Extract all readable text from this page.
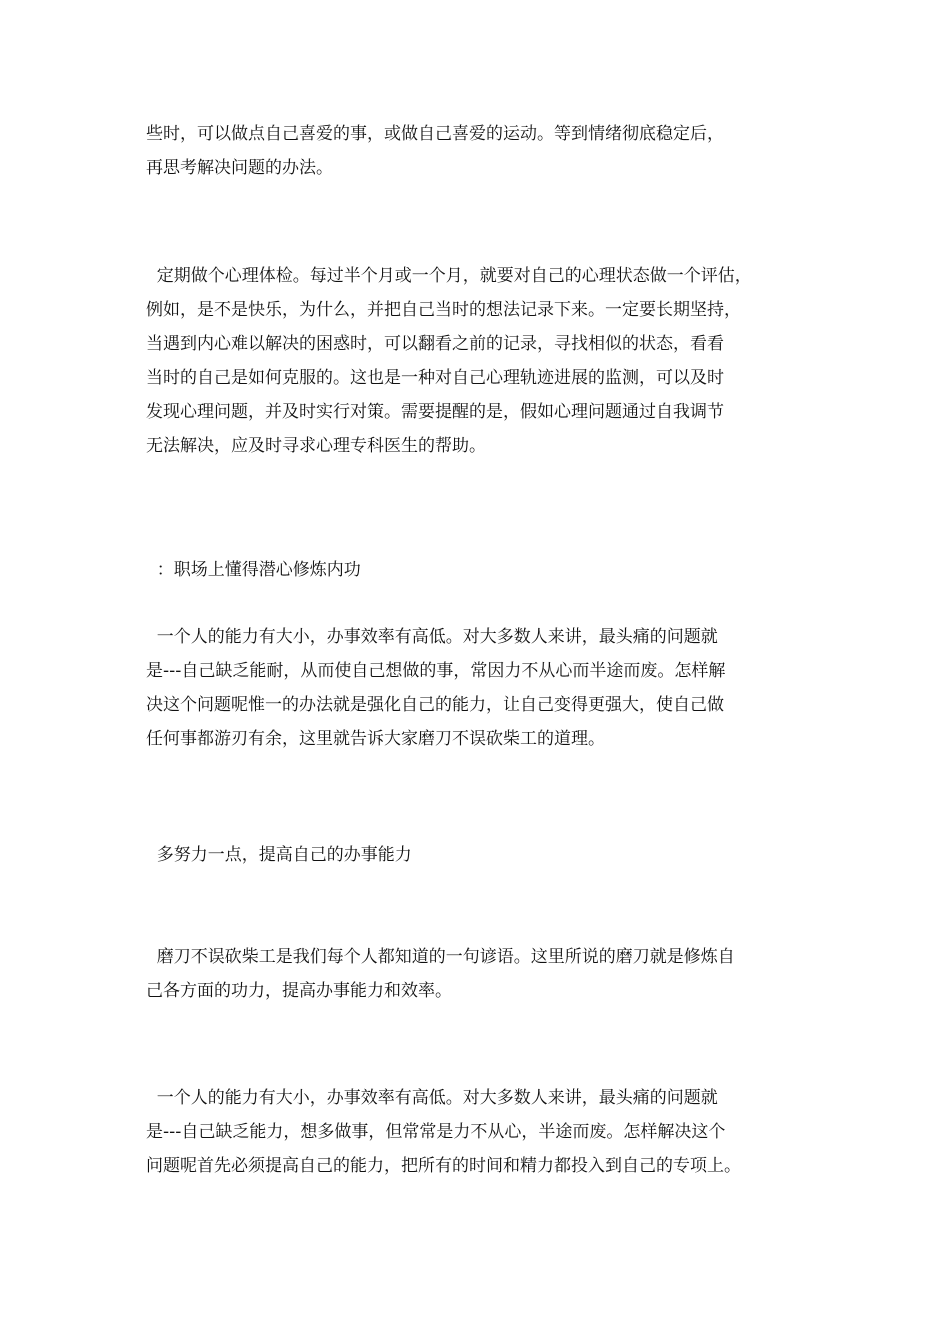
些时，可以做点自己喜爱的事，或做自己喜爱的运动。等到情绪彻底稳定后，
再思考解决问题的办法。
定期做个心理体检。每过半个月或一个月，就要对自己的心理状态做一个评估，
例如，是不是快乐，为什么，并把自己当时的想法记录下来。一定要长期坚持，
当遇到内心难以解决的困惑时，可以翻看之前的记录，寻找相似的状态，看看
当时的自己是如何克服的。这也是一种对自己心理轨迹进展的监测，可以及时
发现心理问题，并及时实行对策。需要提醒的是，假如心理问题通过自我调节
无法解决，应及时寻求心理专科医生的帮助。
：职场上懂得潜心修炼内功
一个人的能力有大小，办事效率有高低。对大多数人来讲，最头痛的问题就
是---自己缺乏能耐，从而使自己想做的事，常因力不从心而半途而废。怎样解
决这个问题呢惟一的办法就是强化自己的能力，让自己变得更强大，使自己做
任何事都游刃有余，这里就告诉大家磨刀不误砍柴工的道理。
多努力一点，提高自己的办事能力
磨刀不误砍柴工是我们每个人都知道的一句谚语。这里所说的磨刀就是修炼自
己各方面的功力，提高办事能力和效率。
一个人的能力有大小，办事效率有高低。对大多数人来讲，最头痛的问题就
是---自己缺乏能力，想多做事，但常常是力不从心，半途而废。怎样解决这个
问题呢首先必须提高自己的能力，把所有的时间和精力都投入到自己的专项上。
